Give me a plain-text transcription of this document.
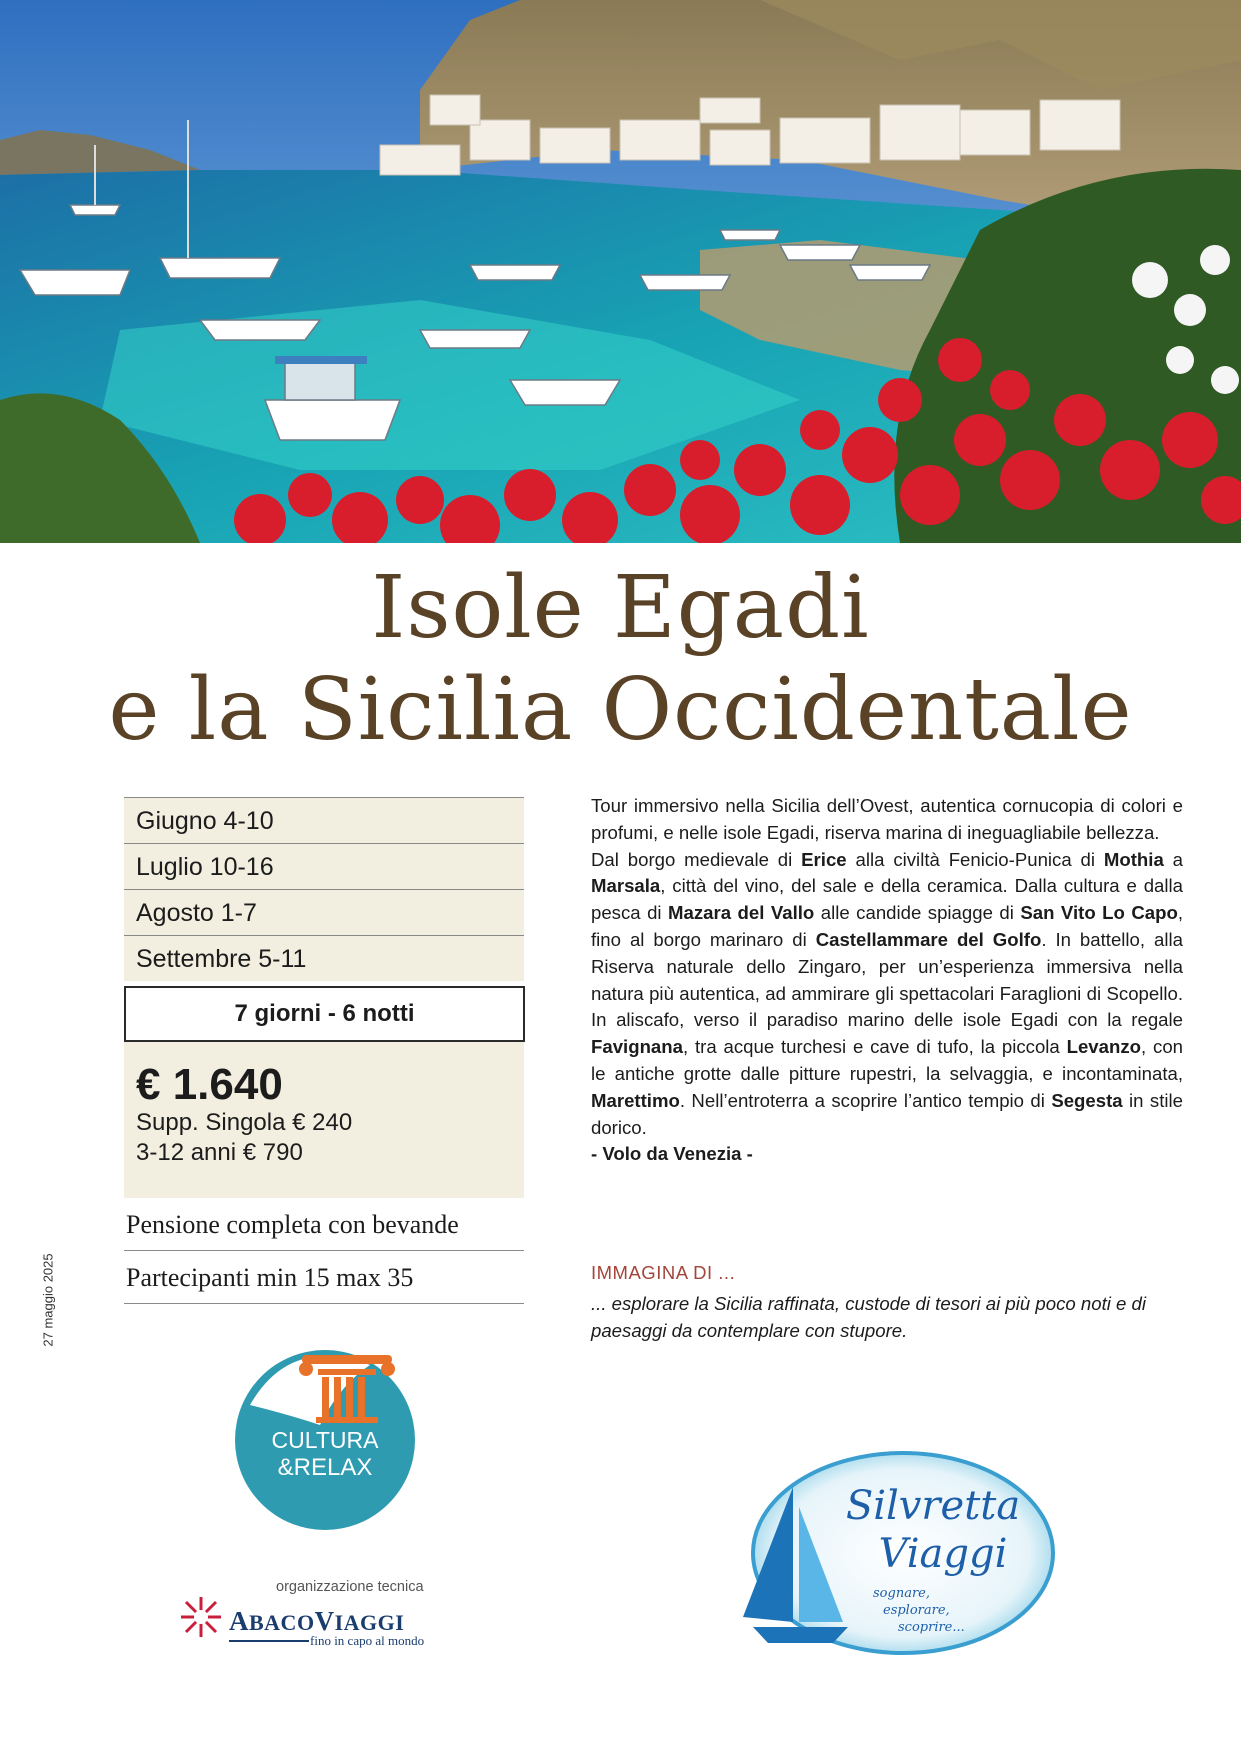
Isole Egadi
e la Sicilia Occidentale
Giugno 4-10
Luglio 10-16
Agosto 1-7
Settembre 5-11
7 giorni - 6 notti
€ 1.640
Supp. Singola € 240
3-12 anni € 790
Pensione completa con bevande
Partecipanti min 15 max 35

Tour immersivo nella Sicilia dell’Ovest, autentica cornucopia di colori e profumi, e nelle isole Egadi, riserva marina di ineguagliabile bellezza.

Dal borgo medievale di Erice alla civiltà Fenicio-Punica di Mothia a Marsala, città del vino, del sale e della ceramica. Dalla cultura e dalla pesca di Mazara del Vallo alle candide spiagge di San Vito Lo Capo, fino al borgo marinaro di Castellammare del Golfo. In battello, alla Riserva naturale dello Zingaro, per un’esperienza immersiva nella natura più autentica, ad ammirare gli spettacolari Faraglioni di Scopello. In aliscafo, verso il paradiso marino delle isole Egadi con la regale Favignana, tra acque turchesi e cave di tufo, la piccola Levanzo, con le antiche grotte dalle pitture rupestri, la selvaggia, e incontaminata, Marettimo. Nell’entroterra a scoprire l’antico tempio di Segesta in stile dorico.

- Volo da Venezia -

IMMAGINA DI ...
... esplorare la Sicilia raffinata, custode di tesori ai più poco noti e di paesaggi da contemplare con stupore.
27 maggio 2025
CULTURA
&RELAX
organizzazione tecnica
ABACOVIAGGI
fino in capo al mondo
Silvretta
Viaggi
sognare,
esplorare,
scoprire...
